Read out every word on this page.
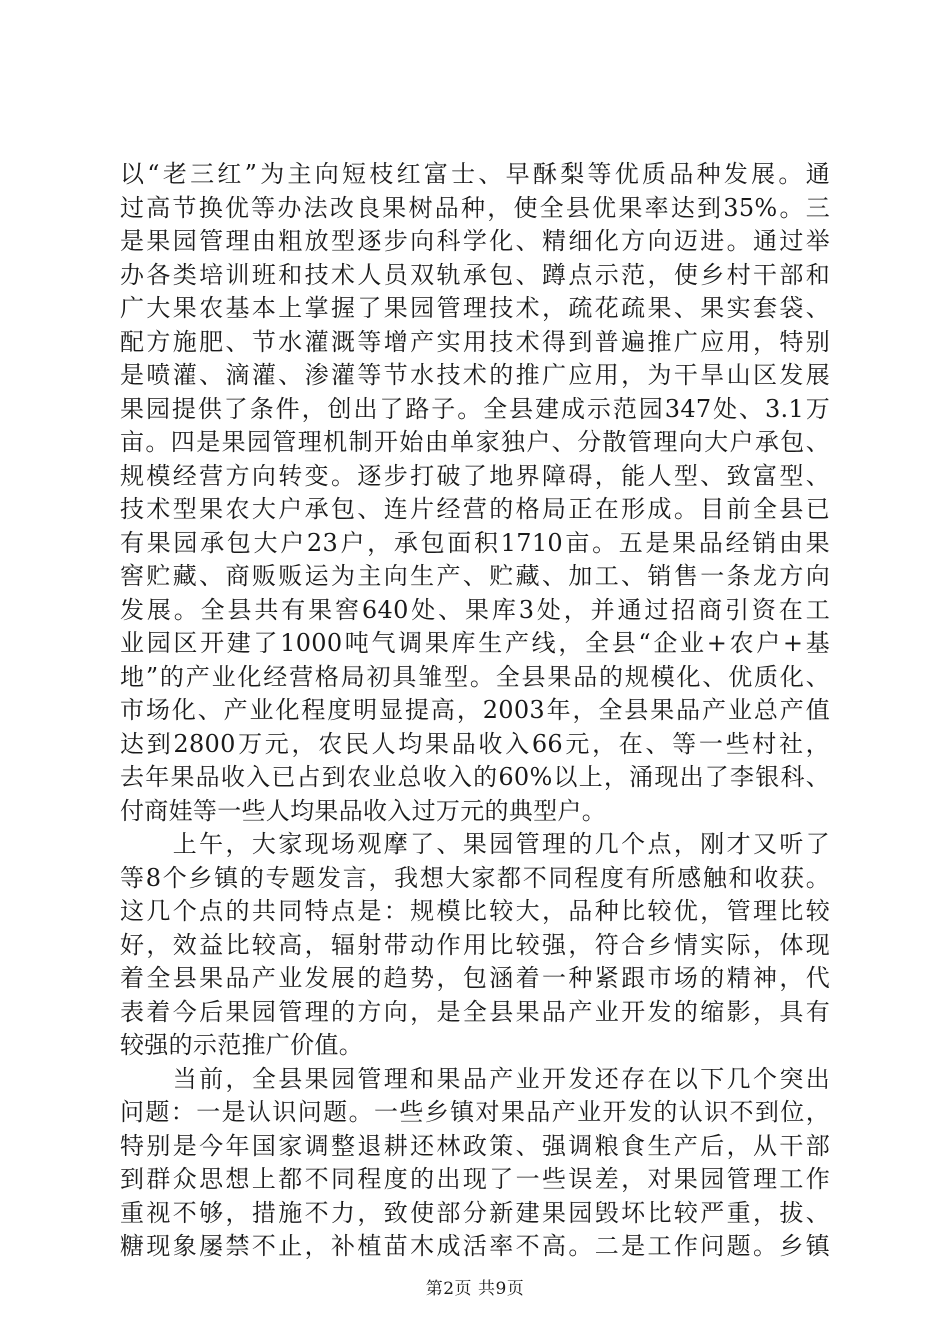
以“老三红”为主向短枝红富士、早酥梨等优质品种发展。通
过高节换优等办法改良果树品种，使全县优果率达到35%。三
是果园管理由粗放型逐步向科学化、精细化方向迈进。通过举
办各类培训班和技术人员双轨承包、蹲点示范，使乡村干部和
广大果农基本上掌握了果园管理技术，疏花疏果、果实套袋、
配方施肥、节水灌溉等增产实用技术得到普遍推广应用，特别
是喷灌、滴灌、渗灌等节水技术的推广应用，为干旱山区发展
果园提供了条件，创出了路子。全县建成示范园347处、3.1万
亩。四是果园管理机制开始由单家独户、分散管理向大户承包、
规模经营方向转变。逐步打破了地界障碍，能人型、致富型、
技术型果农大户承包、连片经营的格局正在形成。目前全县已
有果园承包大户23户，承包面积1710亩。五是果品经销由果
窖贮藏、商贩贩运为主向生产、贮藏、加工、销售一条龙方向
发展。全县共有果窖640处、果库3处，并通过招商引资在工
业园区开建了1000吨气调果库生产线，全县“企业+农户+基
地”的产业化经营格局初具雏型。全县果品的规模化、优质化、
市场化、产业化程度明显提高，2003年，全县果品产业总产值
达到2800万元，农民人均果品收入66元，在、等一些村社，
去年果品收入已占到农业总收入的60%以上，涌现出了李银科、
付商娃等一些人均果品收入过万元的典型户。
　　上午，大家现场观摩了、果园管理的几个点，刚才又听了
等8个乡镇的专题发言，我想大家都不同程度有所感触和收获。
这几个点的共同特点是：规模比较大，品种比较优，管理比较
好，效益比较高，辐射带动作用比较强，符合乡情实际，体现
着全县果品产业发展的趋势，包涵着一种紧跟市场的精神，代
表着今后果园管理的方向，是全县果品产业开发的缩影，具有
较强的示范推广价值。
　　当前，全县果园管理和果品产业开发还存在以下几个突出
问题：一是认识问题。一些乡镇对果品产业开发的认识不到位，
特别是今年国家调整退耕还林政策、强调粮食生产后，从干部
到群众思想上都不同程度的出现了一些误差，对果园管理工作
重视不够，措施不力，致使部分新建果园毁坏比较严重，拔、
糖现象屡禁不止，补植苗木成活率不高。二是工作问题。乡镇
第2页 共9页
